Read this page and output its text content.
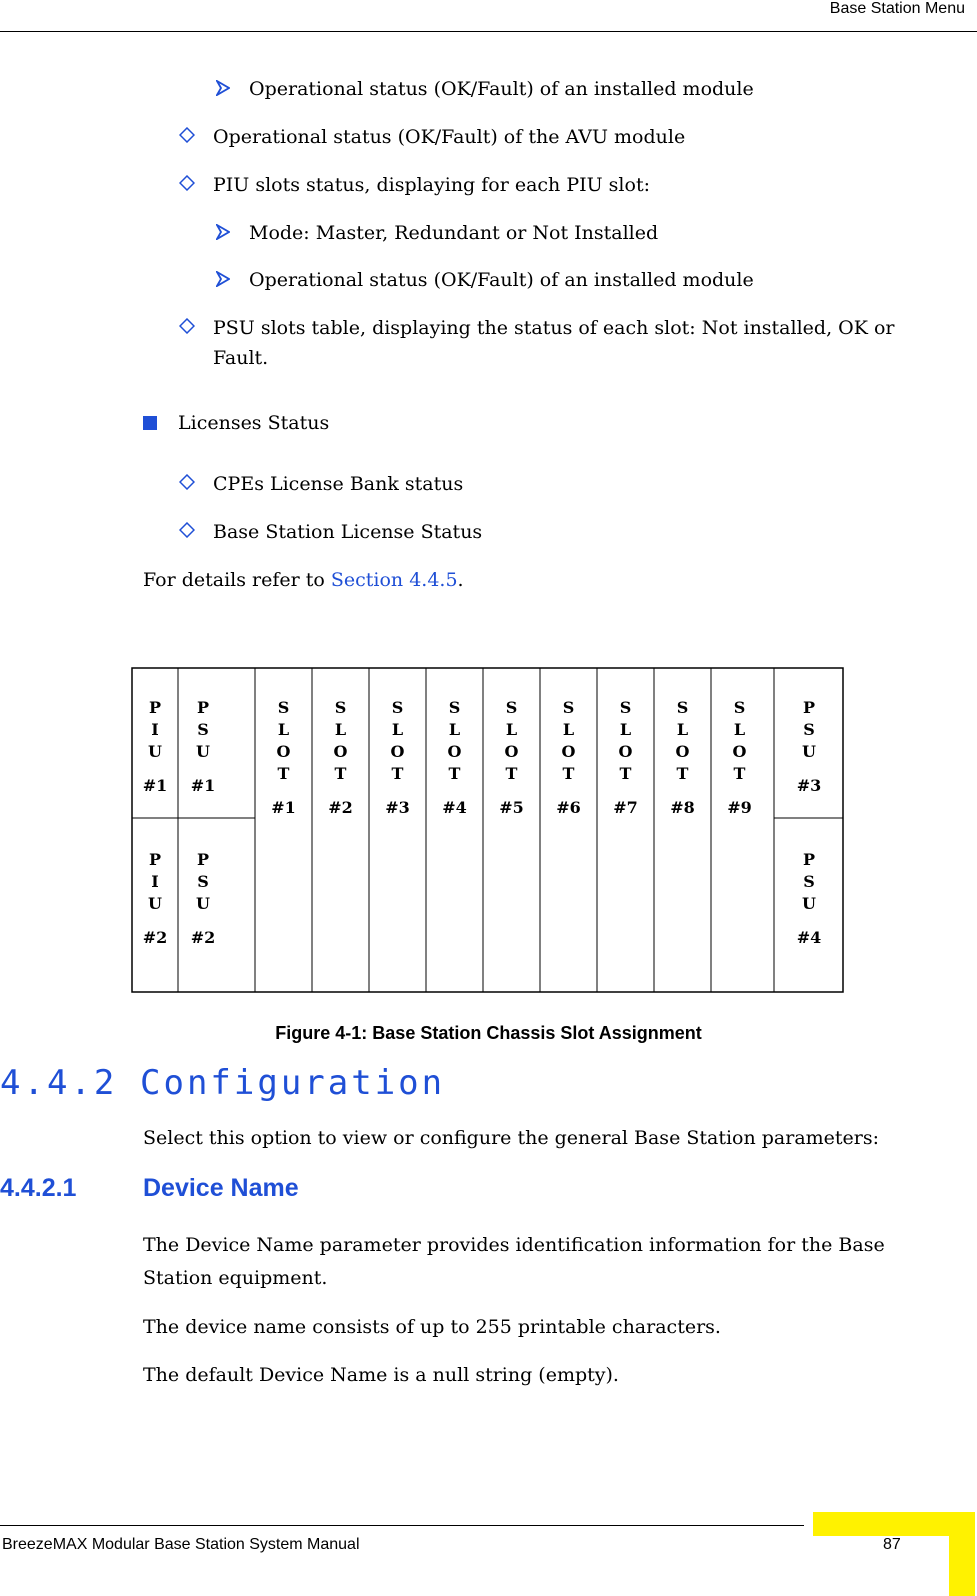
Base Station Menu
Operational status (OK/Fault) of an installed module
Operational status (OK/Fault) of the AVU module
PIU slots status, displaying for each PIU slot:
Mode: Master, Redundant or Not Installed
Operational status (OK/Fault) of an installed module
PSU slots table, displaying the status of each slot: Not installed, OK or Fault.
Licenses Status
CPEs License Bank status
Base Station License Status
For details refer to Section 4.4.5.
P
I
U
#1
P
I
U
#2
P
S
U
#1
P
S
U
#2
S
L
O
T
#1
S
L
O
T
#2
S
L
O
T
#3
S
L
O
T
#4
S
L
O
T
#5
S
L
O
T
#6
S
L
O
T
#7
S
L
O
T
#8
S
L
O
T
#9
P
S
U
#3
P
S
U
#4
Figure 4-1: Base Station Chassis Slot Assignment
4.4.2 Configuration
Select this option to view or configure the general Base Station parameters:
4.4.2.1	Device Name
The Device Name parameter provides identification information for the Base Station equipment.
The device name consists of up to 255 printable characters.
The default Device Name is a null string (empty).
BreezeMAX Modular Base Station System Manual	87
